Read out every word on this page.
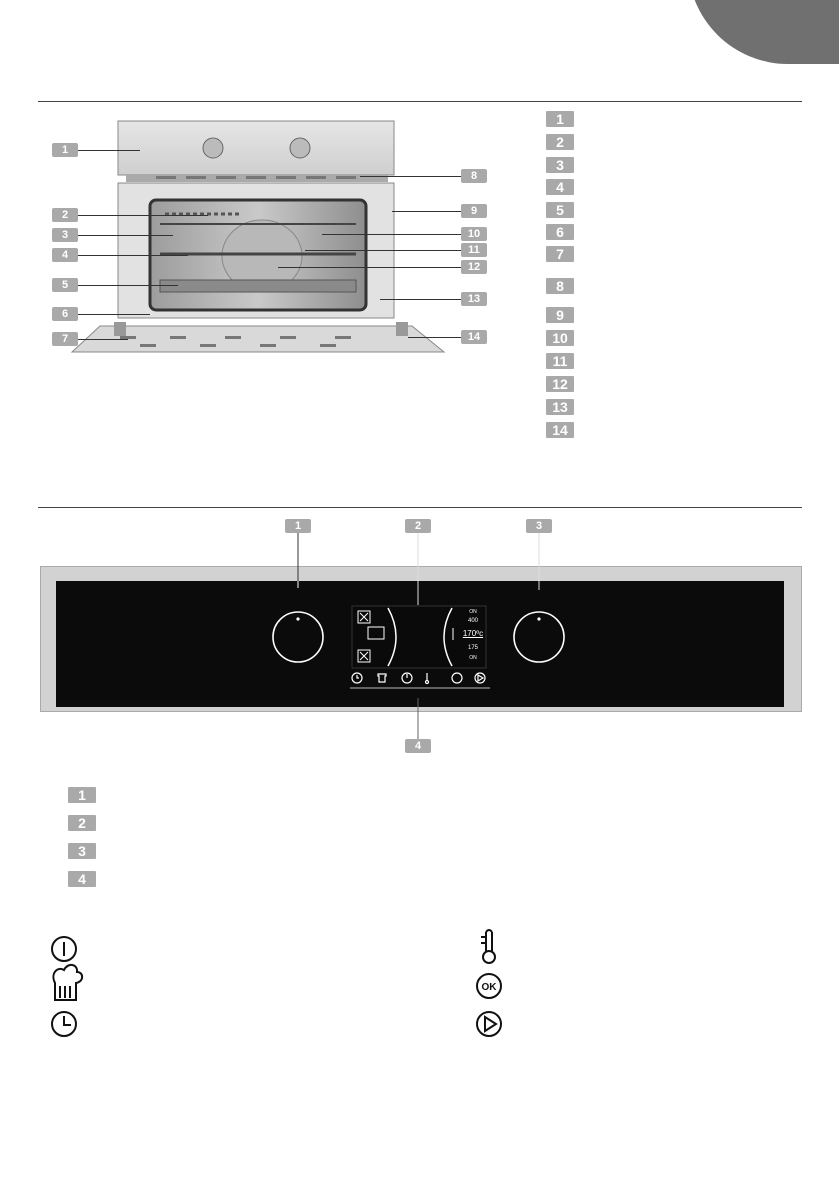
1
2
3
4
5
6
7
8
9
10
11
12
13
14
1
2
3
4
5
6
7
8
9
10
11
12
13
14
1	2	3
4
ON
400
170ºc
175
ON
1
2
3
4
OK
